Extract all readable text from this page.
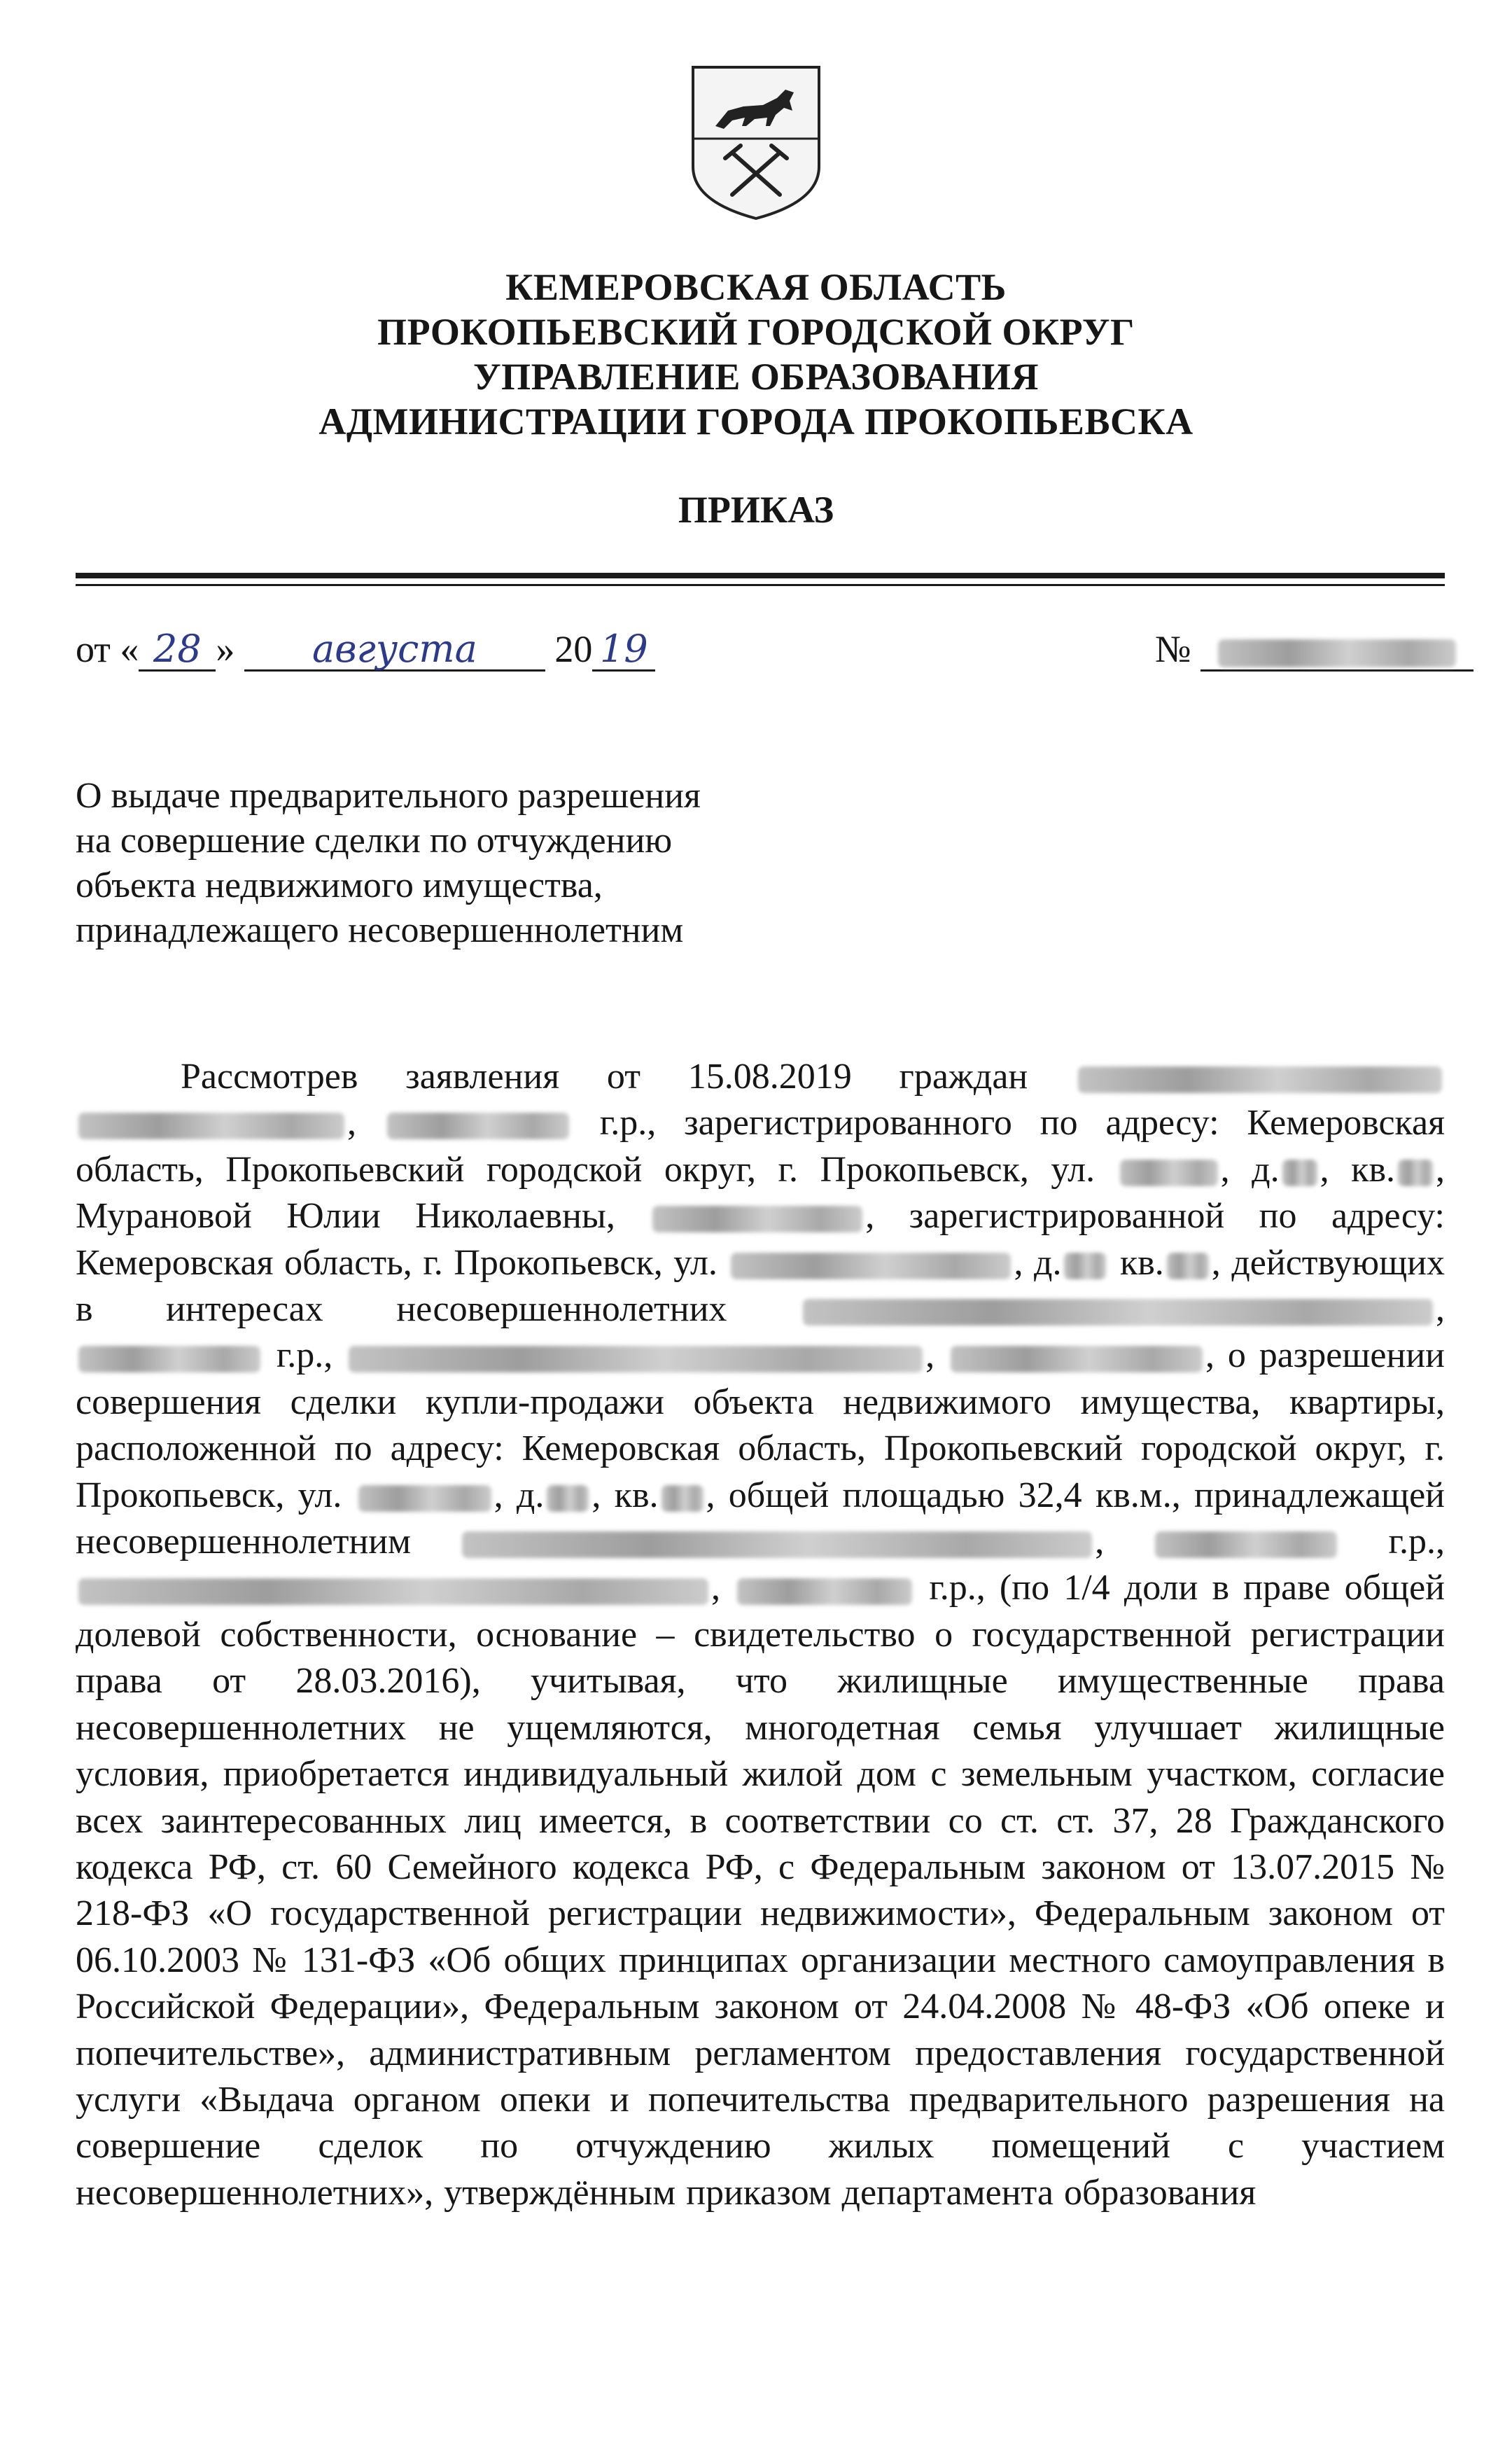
КЕМЕРОВСКАЯ ОБЛАСТЬ
ПРОКОПЬЕВСКИЙ ГОРОДСКОЙ ОКРУГ
УПРАВЛЕНИЕ ОБРАЗОВАНИЯ
АДМИНИСТРАЦИИ ГОРОДА ПРОКОПЬЕВСКА
ПРИКАЗ
от « 28 » августа 20 19	№
О выдаче предварительного разрешения
на совершение сделки по отчуждению
объекта недвижимого имущества,
принадлежащего несовершеннолетним
Рассмотрев заявления от 15.08.2019 граждан  ,	г.р., зарегистрированного по адресу: Кемеровская область, Прокопьевский городской округ, г. Прокопьевск, ул.	, д. , кв. , Мурановой Юлии Николаевны,	, зарегистрированной по адресу: Кемеровская область, г. Прокопьевск, ул.	, д. кв. , действующих в интересах несовершеннолетних	,  г.р.,	,	, о разрешении совершения сделки купли-продажи объекта недвижимого имущества, квартиры, расположенной по адресу: Кемеровская область, Прокопьевский городской округ, г. Прокопьевск, ул.	, д. , кв. , общей площадью 32,4 кв.м., принадлежащей несовершеннолетним	,	г.р., ,	г.р., (по 1/4 доли в праве общей долевой собственности, основание – свидетельство о государственной регистрации права от 28.03.2016), учитывая, что жилищные имущественные права несовершеннолетних не ущемляются, многодетная семья улучшает жилищные условия, приобретается индивидуальный жилой дом с земельным участком, согласие всех заинтересованных лиц имеется, в соответствии со ст. ст. 37, 28 Гражданского кодекса РФ, ст. 60 Семейного кодекса РФ, с Федеральным законом от 13.07.2015 № 218-ФЗ «О государственной регистрации недвижимости», Федеральным законом от 06.10.2003 № 131-ФЗ «Об общих принципах организации местного самоуправления в Российской Федерации», Федеральным законом от 24.04.2008 № 48-ФЗ «Об опеке и попечительстве», административным регламентом предоставления государственной услуги «Выдача органом опеки и попечительства предварительного разрешения на совершение сделок по отчуждению жилых помещений с участием несовершеннолетних», утверждённым приказом департамента образования
